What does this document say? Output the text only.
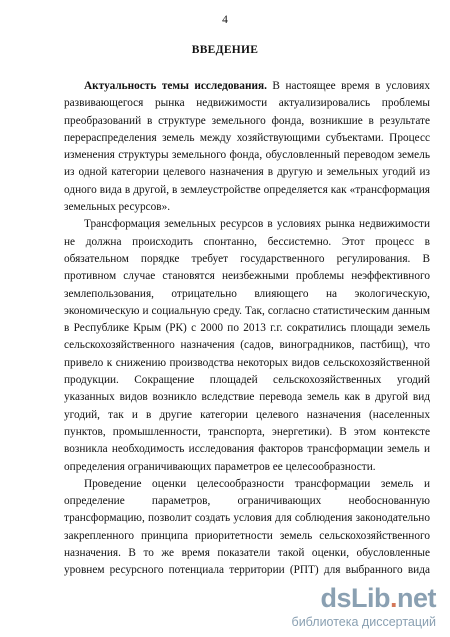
4
ВВЕДЕНИЕ

Актуальность темы исследования. В настоящее время в условиях развивающегося рынка недвижимости актуализировались проблемы преобразований в структуре земельного фонда, возникшие в результате перераспределения земель между хозяйствующими субъектами. Процесс изменения структуры земельного фонда, обусловленный переводом земель из одной категории целевого назначения в другую и земельных угодий из одного вида в другой, в землеустройстве определяется как «трансформация земельных ресурсов».

Трансформация земельных ресурсов в условиях рынка недвижимости не должна происходить спонтанно, бессистемно. Этот процесс в обязательном порядке требует государственного регулирования. В противном случае становятся неизбежными проблемы неэффективного землепользования, отрицательно влияющего на экологическую, экономическую и социальную среду. Так, согласно статистическим данным в Республике Крым (РК) с 2000 по 2013 г.г. сократились площади земель сельскохозяйственного назначения (садов, виноградников, пастбищ), что привело к снижению производства некоторых видов сельскохозяйственной продукции. Сокращение площадей сельскохозяйственных угодий указанных видов возникло вследствие перевода земель как в другой вид угодий, так и в другие категории целевого назначения (населенных пунктов, промышленности, транспорта, энергетики). В этом контексте возникла необходимость исследования факторов трансформации земель и определения ограничивающих параметров ее целесообразности.

Проведение оценки целесообразности трансформации земель и определение параметров, ограничивающих необоснованную трансформацию, позволит создать условия для соблюдения законодательно закрепленного принципа приоритетности земель сельскохозяйственного назначения. В то же время показатели такой оценки, обусловленные уровнем ресурсного потенциала территории (РПТ) для выбранного вида

dsLib.net
библиотека диссертаций
